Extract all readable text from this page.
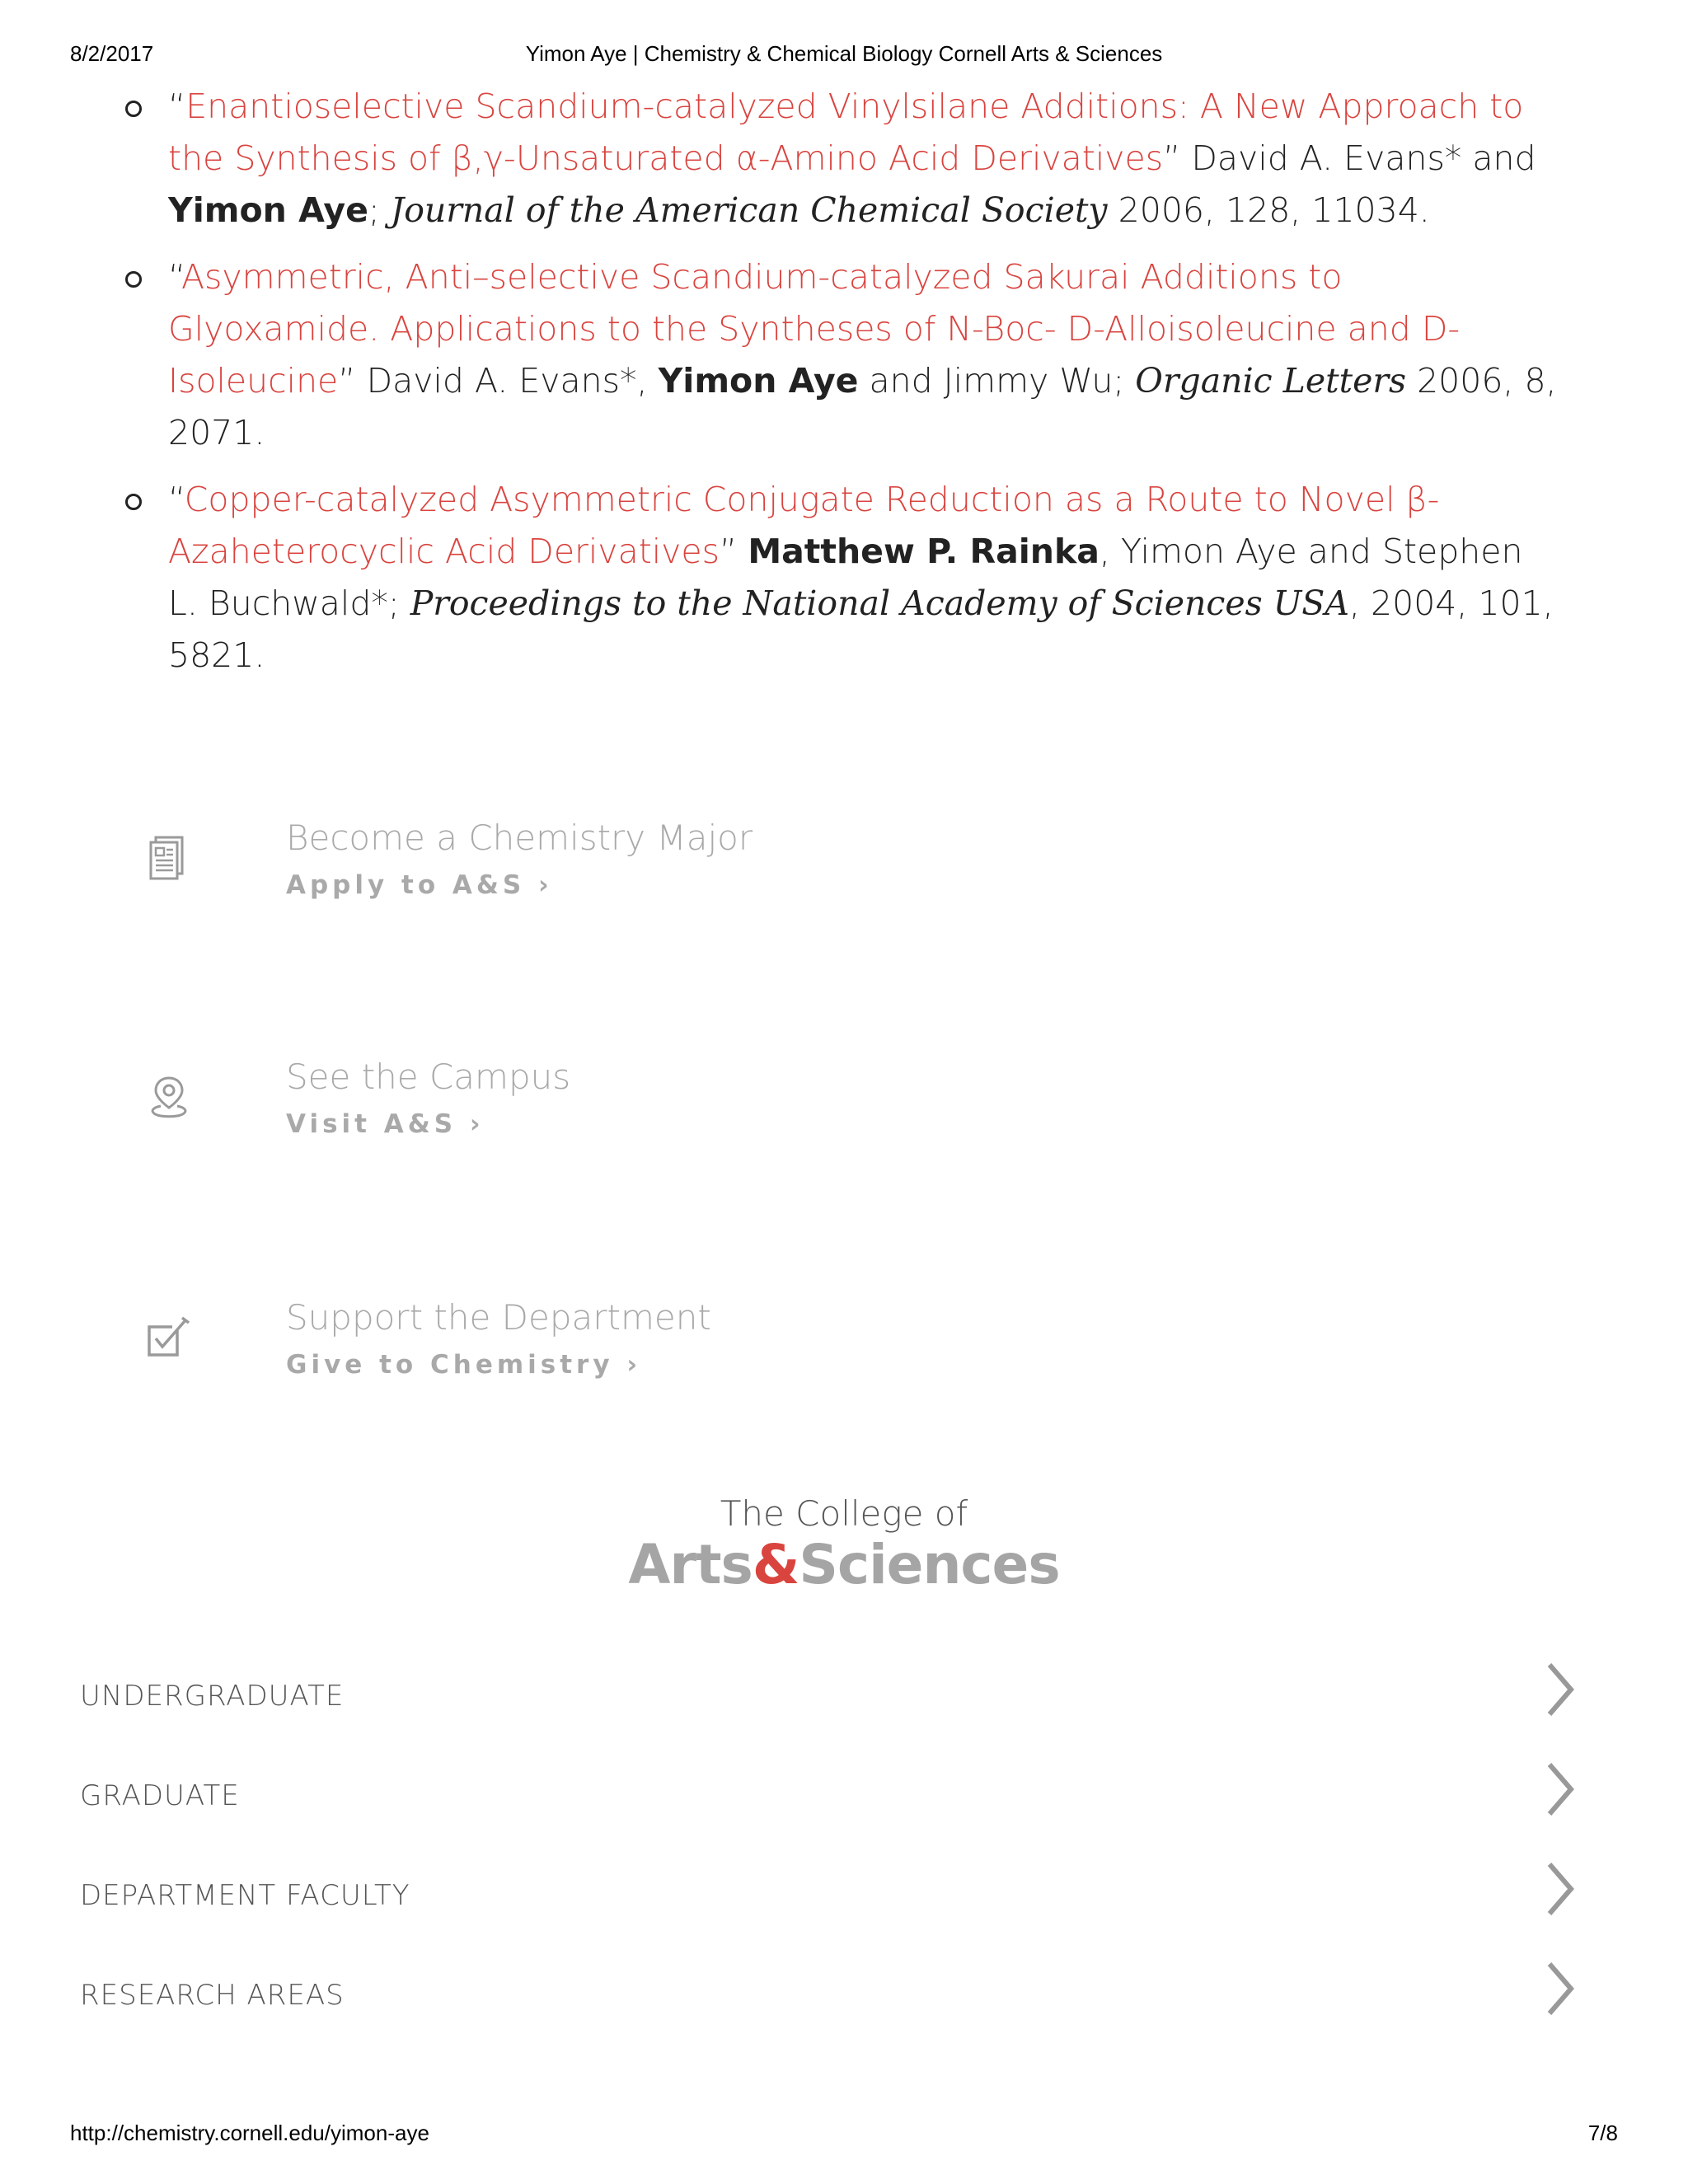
8/2/2017	Yimon Aye | Chemistry & Chemical Biology Cornell Arts & Sciences
“Enantioselective Scandium-catalyzed Vinylsilane Additions: A New Approach to the Synthesis of β,γ-Unsaturated α-Amino Acid Derivatives” David A. Evans* and Yimon Aye; Journal of the American Chemical Society 2006, 128, 11034.
“Asymmetric, Anti–selective Scandium-catalyzed Sakurai Additions to Glyoxamide. Applications to the Syntheses of N-Boc- D-Alloisoleucine and D-Isoleucine” David A. Evans*, Yimon Aye and Jimmy Wu; Organic Letters 2006, 8, 2071.
“Copper-catalyzed Asymmetric Conjugate Reduction as a Route to Novel β-Azaheterocyclic Acid Derivatives” Matthew P. Rainka, Yimon Aye and Stephen L. Buchwald*; Proceedings to the National Academy of Sciences USA, 2004, 101, 5821.
Become a Chemistry Major
Apply to A&S ›
See the Campus
Visit A&S ›
Support the Department
Give to Chemistry ›
The College of
Arts&Sciences
UNDERGRADUATE
GRADUATE
DEPARTMENT FACULTY
RESEARCH AREAS
http://chemistry.cornell.edu/yimon-aye	7/8
